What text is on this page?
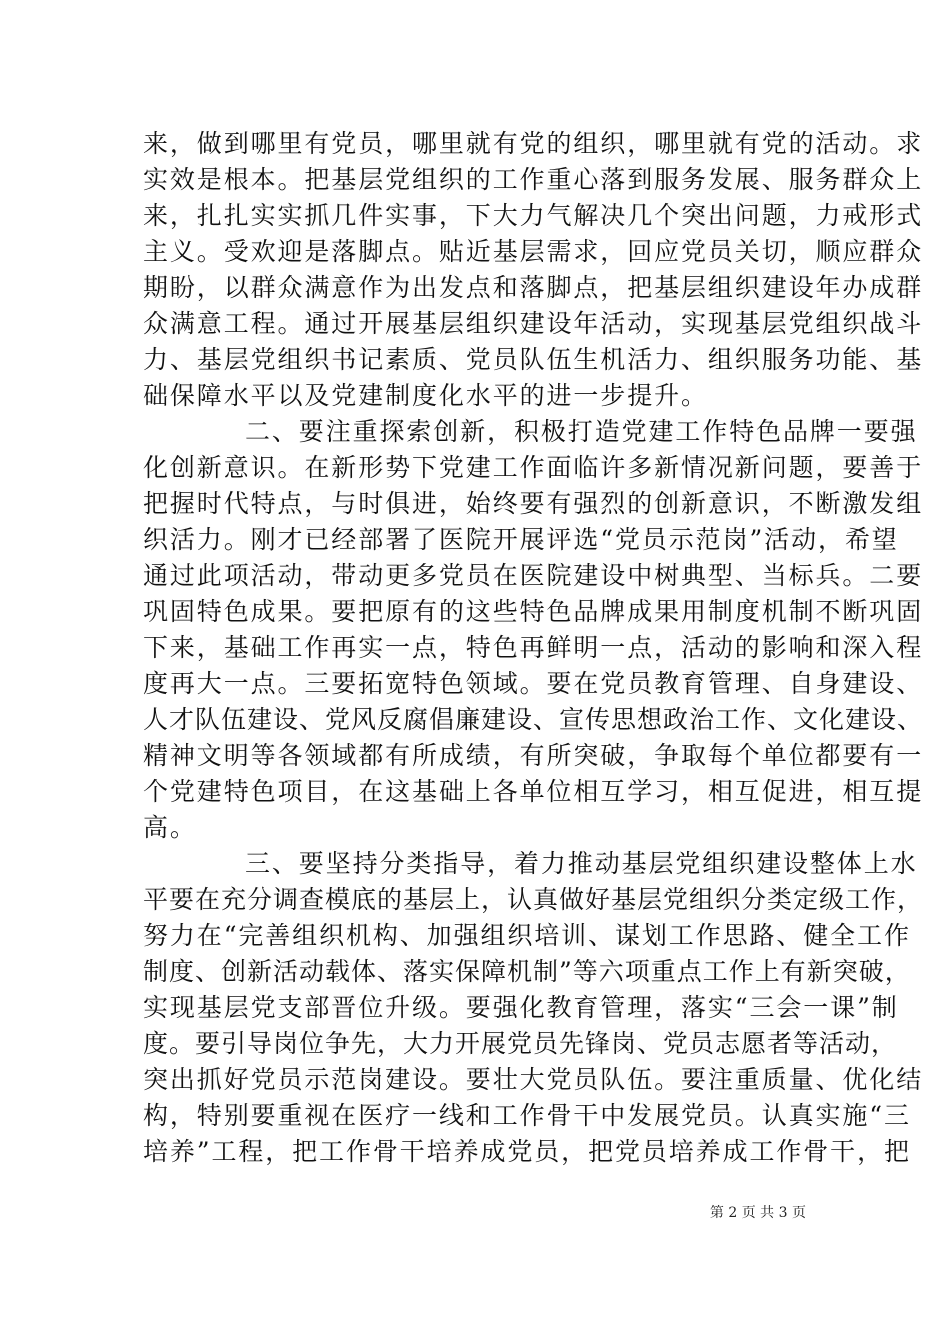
来，做到哪里有党员，哪里就有党的组织，哪里就有党的活动。求
实效是根本。把基层党组织的工作重心落到服务发展、服务群众上
来，扎扎实实抓几件实事，下大力气解决几个突出问题，力戒形式
主义。受欢迎是落脚点。贴近基层需求，回应党员关切，顺应群众
期盼，以群众满意作为出发点和落脚点，把基层组织建设年办成群
众满意工程。通过开展基层组织建设年活动，实现基层党组织战斗
力、基层党组织书记素质、党员队伍生机活力、组织服务功能、基
础保障水平以及党建制度化水平的进一步提升。
二、要注重探索创新，积极打造党建工作特色品牌一要强
化创新意识。在新形势下党建工作面临许多新情况新问题，要善于
把握时代特点，与时俱进，始终要有强烈的创新意识，不断激发组
织活力。刚才已经部署了医院开展评选“党员示范岗”活动，希望
通过此项活动，带动更多党员在医院建设中树典型、当标兵。二要
巩固特色成果。要把原有的这些特色品牌成果用制度机制不断巩固
下来，基础工作再实一点，特色再鲜明一点，活动的影响和深入程
度再大一点。三要拓宽特色领域。要在党员教育管理、自身建设、
人才队伍建设、党风反腐倡廉建设、宣传思想政治工作、文化建设、
精神文明等各领域都有所成绩，有所突破，争取每个单位都要有一
个党建特色项目，在这基础上各单位相互学习，相互促进，相互提
高。
三、要坚持分类指导，着力推动基层党组织建设整体上水
平要在充分调查模底的基层上，认真做好基层党组织分类定级工作，
努力在“完善组织机构、加强组织培训、谋划工作思路、健全工作
制度、创新活动载体、落实保障机制”等六项重点工作上有新突破，
实现基层党支部晋位升级。要强化教育管理，落实“三会一课”制
度。要引导岗位争先，大力开展党员先锋岗、党员志愿者等活动，
突出抓好党员示范岗建设。要壮大党员队伍。要注重质量、优化结
构，特别要重视在医疗一线和工作骨干中发展党员。认真实施“三
培养”工程，把工作骨干培养成党员，把党员培养成工作骨干，把
第 2 页 共 3 页
